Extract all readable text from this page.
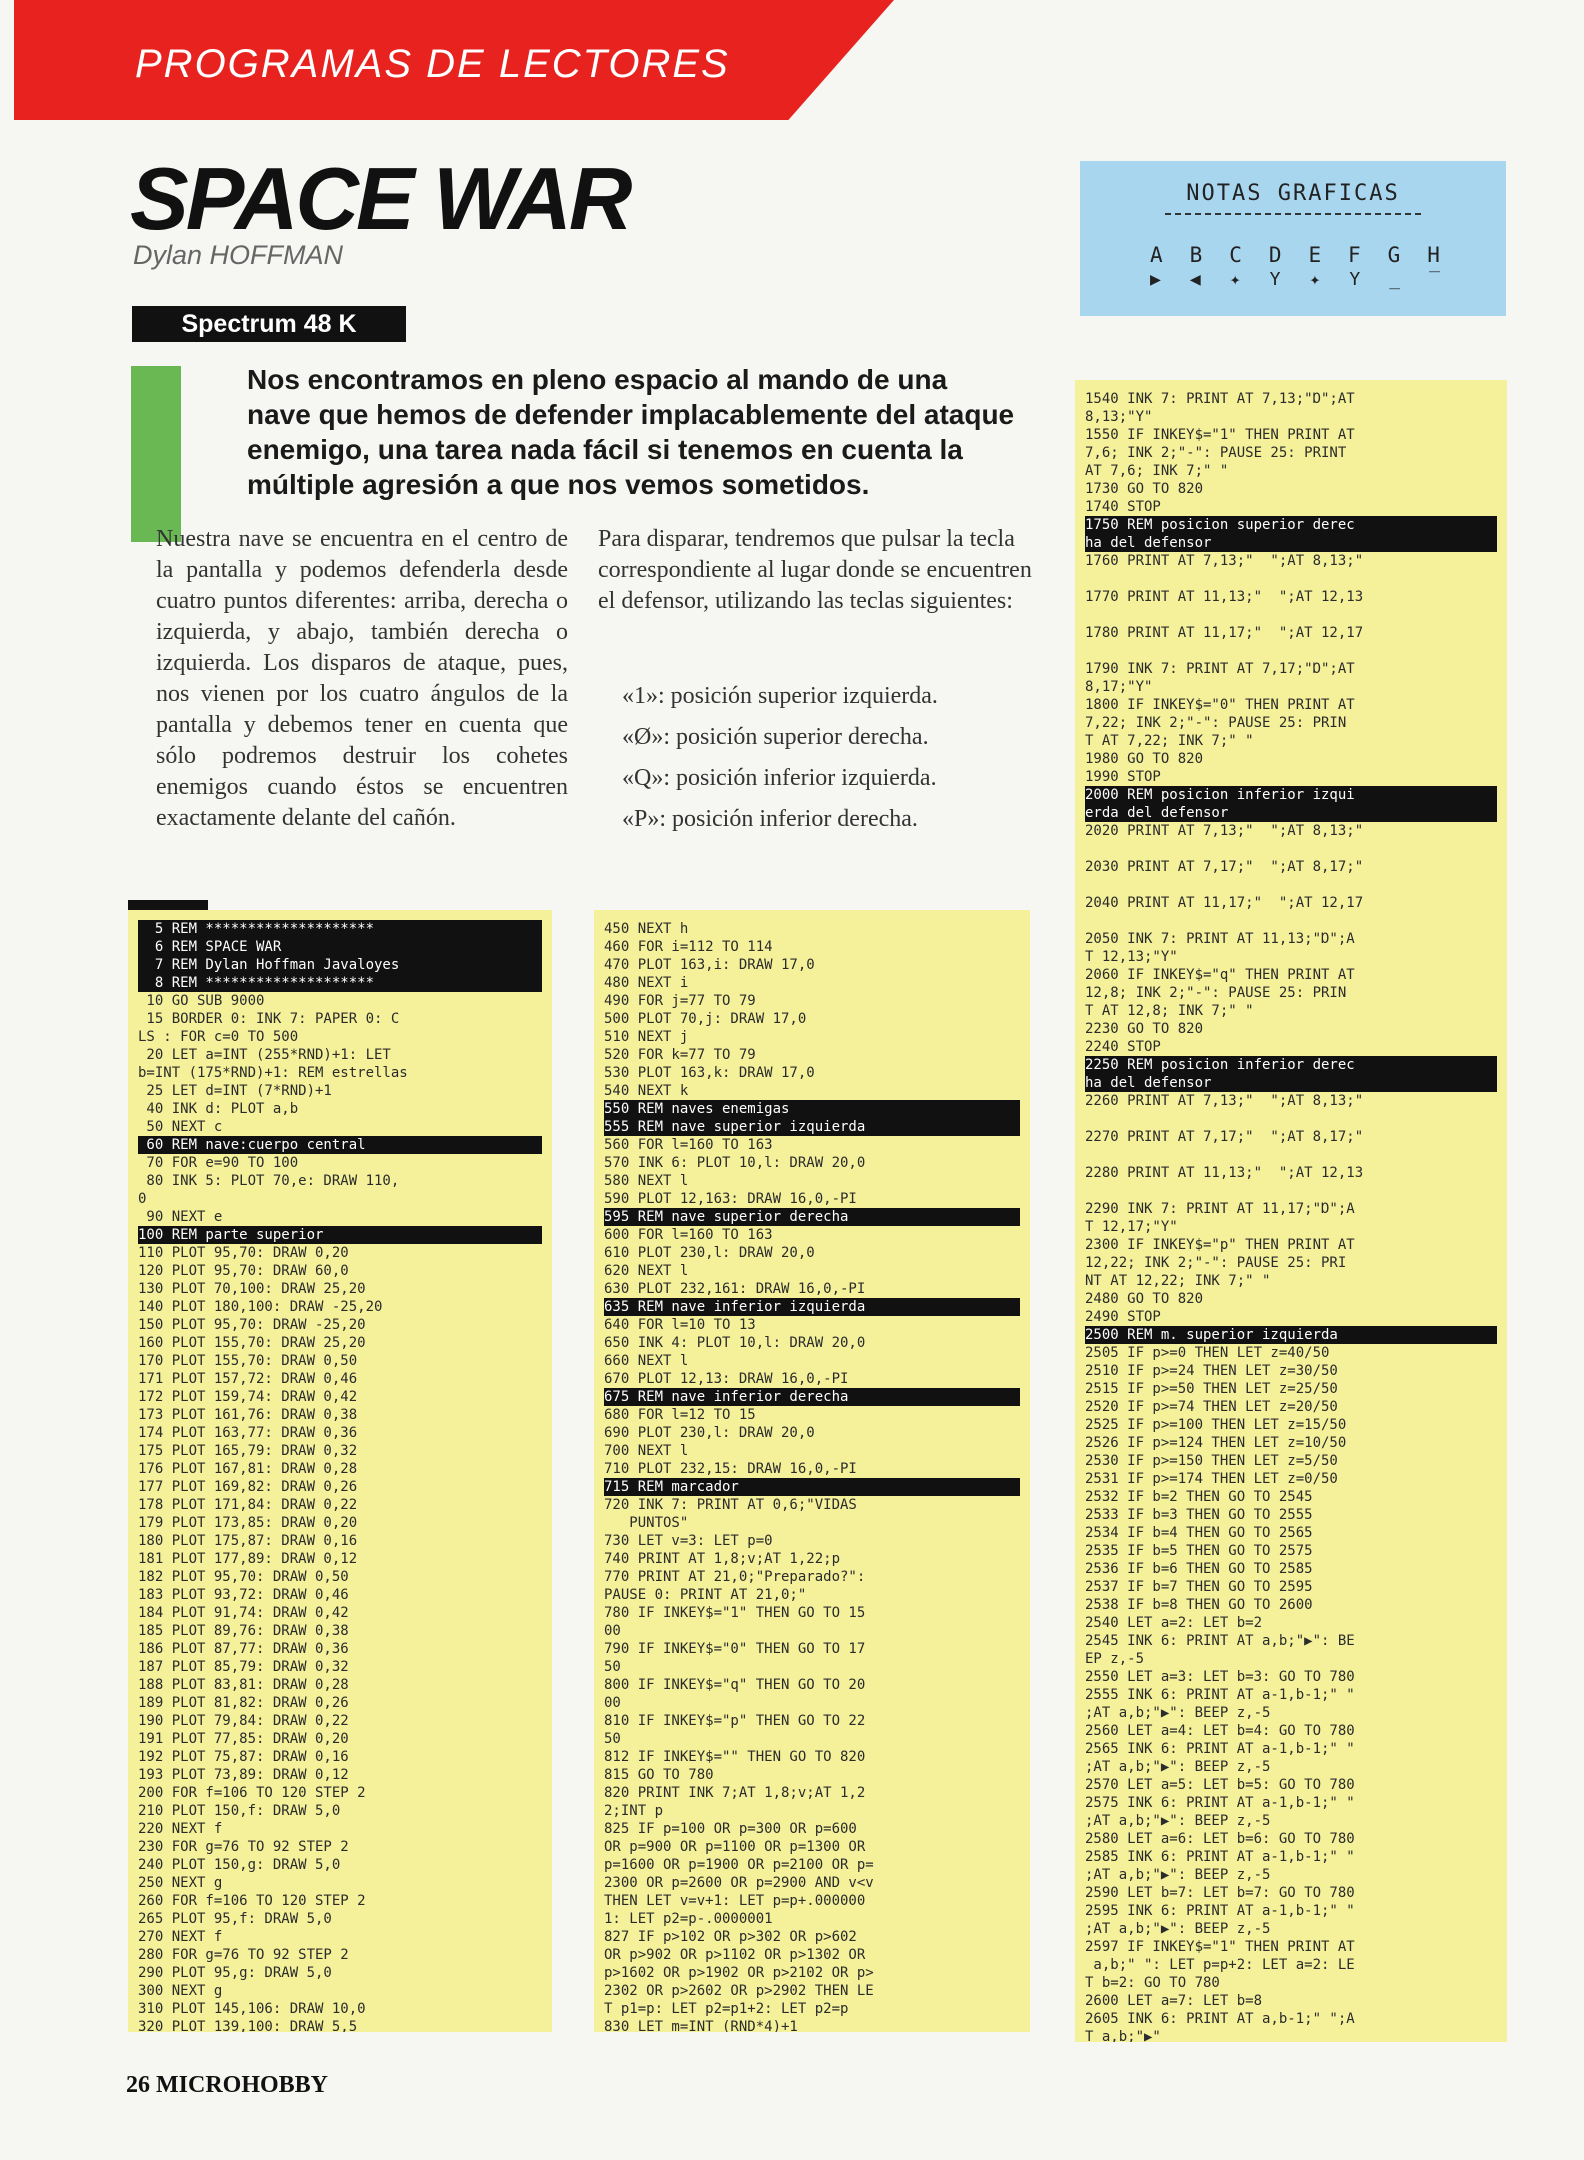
PROGRAMAS DE LECTORES
SPACE WAR
Dylan HOFFMAN
Spectrum 48 K

Nos encontramos en pleno espacio al mando de una nave que hemos de defender implacablemente del ataque enemigo, una tarea nada fácil si tenemos en cuenta la múltiple agresión a que nos vemos sometidos.

Nuestra nave se encuentra en el centro de la pantalla y podemos defenderla desde cuatro puntos diferentes: arriba, derecha o izquierda, y abajo, también derecha o izquierda. Los disparos de ataque, pues, nos vienen por los cuatro ángulos de la pantalla y debemos tener en cuenta que sólo podremos destruir los cohetes enemigos cuando éstos se encuentren exactamente delante del cañón.

Para disparar, tendremos que pulsar la tecla correspondiente al lugar donde se encuentren el defensor, utilizando las teclas siguientes:

«1»: posición superior izquierda.
«Ø»: posición superior derecha.
«Q»: posición inferior izquierda.
«P»: posición inferior derecha.
NOTAS GRAFICAS
A B C D E F G H
▶ ◀ ✦ Y ✦ Y _ ‾
5 REM ********************
6 REM SPACE WAR
7 REM Dylan Hoffman Javaloyes
8 REM ********************
10 GO SUB 9000
15 BORDER 0: INK 7: PAPER 0: C
LS : FOR c=0 TO 500
20 LET a=INT (255*RND)+1: LET
b=INT (175*RND)+1: REM estrellas
25 LET d=INT (7*RND)+1
40 INK d: PLOT a,b
50 NEXT c
60 REM nave:cuerpo central
70 FOR e=90 TO 100
80 INK 5: PLOT 70,e: DRAW 110,
0
90 NEXT e
100 REM parte superior
110 PLOT 95,70: DRAW 0,20
120 PLOT 95,70: DRAW 60,0
130 PLOT 70,100: DRAW 25,20
140 PLOT 180,100: DRAW -25,20
150 PLOT 95,70: DRAW -25,20
160 PLOT 155,70: DRAW 25,20
170 PLOT 155,70: DRAW 0,50
171 PLOT 157,72: DRAW 0,46
172 PLOT 159,74: DRAW 0,42
173 PLOT 161,76: DRAW 0,38
174 PLOT 163,77: DRAW 0,36
175 PLOT 165,79: DRAW 0,32
176 PLOT 167,81: DRAW 0,28
177 PLOT 169,82: DRAW 0,26
178 PLOT 171,84: DRAW 0,22
179 PLOT 173,85: DRAW 0,20
180 PLOT 175,87: DRAW 0,16
181 PLOT 177,89: DRAW 0,12
182 PLOT 95,70: DRAW 0,50
183 PLOT 93,72: DRAW 0,46
184 PLOT 91,74: DRAW 0,42
185 PLOT 89,76: DRAW 0,38
186 PLOT 87,77: DRAW 0,36
187 PLOT 85,79: DRAW 0,32
188 PLOT 83,81: DRAW 0,28
189 PLOT 81,82: DRAW 0,26
190 PLOT 79,84: DRAW 0,22
191 PLOT 77,85: DRAW 0,20
192 PLOT 75,87: DRAW 0,16
193 PLOT 73,89: DRAW 0,12
200 FOR f=106 TO 120 STEP 2
210 PLOT 150,f: DRAW 5,0
220 NEXT f
230 FOR g=76 TO 92 STEP 2
240 PLOT 150,g: DRAW 5,0
250 NEXT g
260 FOR f=106 TO 120 STEP 2
265 PLOT 95,f: DRAW 5,0
270 NEXT f
280 FOR g=76 TO 92 STEP 2
290 PLOT 95,g: DRAW 5,0
300 NEXT g
310 PLOT 145,106: DRAW 10,0
320 PLOT 139,100: DRAW 5,5
450 NEXT h
460 FOR i=112 TO 114
470 PLOT 163,i: DRAW 17,0
480 NEXT i
490 FOR j=77 TO 79
500 PLOT 70,j: DRAW 17,0
510 NEXT j
520 FOR k=77 TO 79
530 PLOT 163,k: DRAW 17,0
540 NEXT k
550 REM naves enemigas
555 REM nave superior izquierda
560 FOR l=160 TO 163
570 INK 6: PLOT 10,l: DRAW 20,0
580 NEXT l
590 PLOT 12,163: DRAW 16,0,-PI
595 REM nave superior derecha
600 FOR l=160 TO 163
610 PLOT 230,l: DRAW 20,0
620 NEXT l
630 PLOT 232,161: DRAW 16,0,-PI
635 REM nave inferior izquierda
640 FOR l=10 TO 13
650 INK 4: PLOT 10,l: DRAW 20,0
660 NEXT l
670 PLOT 12,13: DRAW 16,0,-PI
675 REM nave inferior derecha
680 FOR l=12 TO 15
690 PLOT 230,l: DRAW 20,0
700 NEXT l
710 PLOT 232,15: DRAW 16,0,-PI
715 REM marcador
720 INK 7: PRINT AT 0,6;"VIDAS
PUNTOS"
730 LET v=3: LET p=0
740 PRINT AT 1,8;v;AT 1,22;p
770 PRINT AT 21,0;"Preparado?":
PAUSE 0: PRINT AT 21,0;"
780 IF INKEY$="1" THEN GO TO 15
00
790 IF INKEY$="0" THEN GO TO 17
50
800 IF INKEY$="q" THEN GO TO 20
00
810 IF INKEY$="p" THEN GO TO 22
50
812 IF INKEY$="" THEN GO TO 820
815 GO TO 780
820 PRINT INK 7;AT 1,8;v;AT 1,2
2;INT p
825 IF p=100 OR p=300 OR p=600
OR p=900 OR p=1100 OR p=1300 OR
p=1600 OR p=1900 OR p=2100 OR p=
2300 OR p=2600 OR p=2900 AND v<v
THEN LET v=v+1: LET p=p+.000000
1: LET p2=p-.0000001
827 IF p>102 OR p>302 OR p>602
OR p>902 OR p>1102 OR p>1302 OR
p>1602 OR p>1902 OR p>2102 OR p>
2302 OR p>2602 OR p>2902 THEN LE
T p1=p: LET p2=p1+2: LET p2=p
830 LET m=INT (RND*4)+1
1540 INK 7: PRINT AT 7,13;"Ɒ";AT
8,13;"Y"
1550 IF INKEY$="1" THEN PRINT AT
7,6; INK 2;"-": PAUSE 25: PRINT
AT 7,6; INK 7;" "
1730 GO TO 820
1740 STOP
1750 REM posicion superior derec
ha del defensor
1760 PRINT AT 7,13;"  ";AT 8,13;"
1770 PRINT AT 11,13;"  ";AT 12,13
1780 PRINT AT 11,17;"  ";AT 12,17
1790 INK 7: PRINT AT 7,17;"Ɒ";AT
8,17;"Y"
1800 IF INKEY$="0" THEN PRINT AT
7,22; INK 2;"-": PAUSE 25: PRIN
T AT 7,22; INK 7;" "
1980 GO TO 820
1990 STOP
2000 REM posicion inferior izqui
erda del defensor
2020 PRINT AT 7,13;"  ";AT 8,13;"
2030 PRINT AT 7,17;"  ";AT 8,17;"
2040 PRINT AT 11,17;"  ";AT 12,17
2050 INK 7: PRINT AT 11,13;"Ɒ";A
T 12,13;"Y"
2060 IF INKEY$="q" THEN PRINT AT
12,8; INK 2;"-": PAUSE 25: PRIN
T AT 12,8; INK 7;" "
2230 GO TO 820
2240 STOP
2250 REM posicion inferior derec
ha del defensor
2260 PRINT AT 7,13;"  ";AT 8,13;"
2270 PRINT AT 7,17;"  ";AT 8,17;"
2280 PRINT AT 11,13;"  ";AT 12,13
2290 INK 7: PRINT AT 11,17;"Ɒ";A
T 12,17;"Y"
2300 IF INKEY$="p" THEN PRINT AT
12,22; INK 2;"-": PAUSE 25: PRI
NT AT 12,22; INK 7;" "
2480 GO TO 820
2490 STOP
2500 REM m. superior izquierda
2505 IF p>=0 THEN LET z=40/50
2510 IF p>=24 THEN LET z=30/50
2515 IF p>=50 THEN LET z=25/50
2520 IF p>=74 THEN LET z=20/50
2525 IF p>=100 THEN LET z=15/50
2526 IF p>=124 THEN LET z=10/50
2530 IF p>=150 THEN LET z=5/50
2531 IF p>=174 THEN LET z=0/50
2532 IF b=2 THEN GO TO 2545
2533 IF b=3 THEN GO TO 2555
2534 IF b=4 THEN GO TO 2565
2535 IF b=5 THEN GO TO 2575
2536 IF b=6 THEN GO TO 2585
2537 IF b=7 THEN GO TO 2595
2538 IF b=8 THEN GO TO 2600
2540 LET a=2: LET b=2
2545 INK 6: PRINT AT a,b;"▶": BE
EP z,-5
2550 LET a=3: LET b=3: GO TO 780
2555 INK 6: PRINT AT a-1,b-1;" "
;AT a,b;"▶": BEEP z,-5
2560 LET a=4: LET b=4: GO TO 780
2565 INK 6: PRINT AT a-1,b-1;" "
;AT a,b;"▶": BEEP z,-5
2570 LET a=5: LET b=5: GO TO 780
2575 INK 6: PRINT AT a-1,b-1;" "
;AT a,b;"▶": BEEP z,-5
2580 LET a=6: LET b=6: GO TO 780
2585 INK 6: PRINT AT a-1,b-1;" "
;AT a,b;"▶": BEEP z,-5
2590 LET b=7: LET b=7: GO TO 780
2595 INK 6: PRINT AT a-1,b-1;" "
;AT a,b;"▶": BEEP z,-5
2597 IF INKEY$="1" THEN PRINT AT
a,b;" ": LET p=p+2: LET a=2: LE
T b=2: GO TO 780
2600 LET a=7: LET b=8
2605 INK 6: PRINT AT a,b-1;" ";A
T a,b;"▶"
26 MICROHOBBY
